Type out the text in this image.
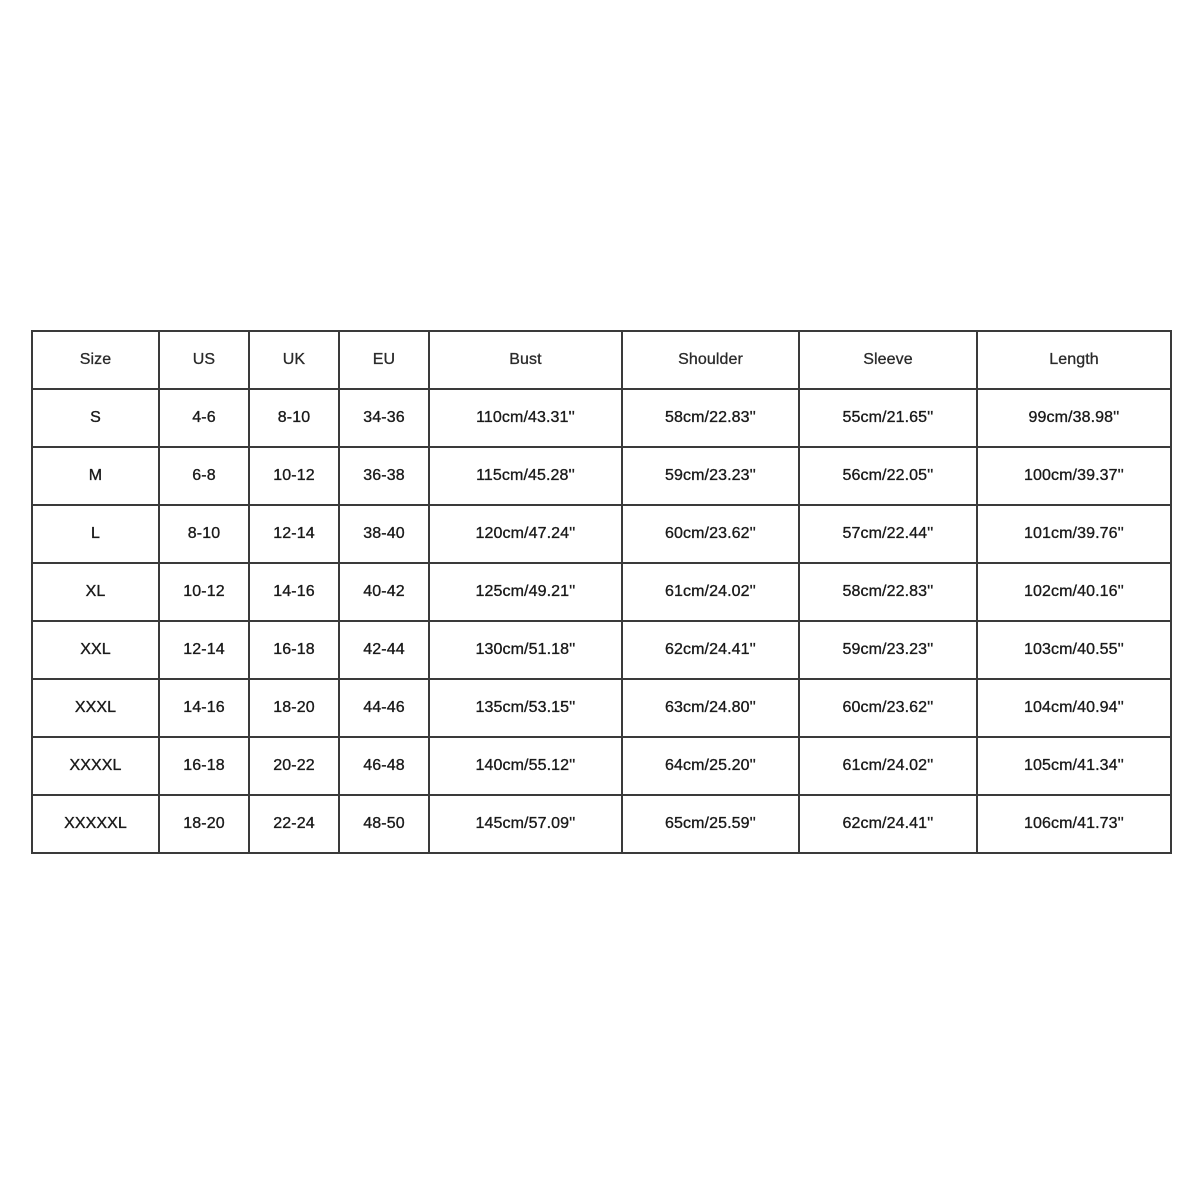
Size	US	UK	EU	Bust	Shoulder	Sleeve	Length
S	4-6	8-10	34-36	110cm/43.31''	58cm/22.83''	55cm/21.65''	99cm/38.98''
M	6-8	10-12	36-38	115cm/45.28''	59cm/23.23''	56cm/22.05''	100cm/39.37''
L	8-10	12-14	38-40	120cm/47.24''	60cm/23.62''	57cm/22.44''	101cm/39.76''
XL	10-12	14-16	40-42	125cm/49.21''	61cm/24.02''	58cm/22.83''	102cm/40.16''
XXL	12-14	16-18	42-44	130cm/51.18''	62cm/24.41''	59cm/23.23''	103cm/40.55''
XXXL	14-16	18-20	44-46	135cm/53.15''	63cm/24.80''	60cm/23.62''	104cm/40.94''
XXXXL	16-18	20-22	46-48	140cm/55.12''	64cm/25.20''	61cm/24.02''	105cm/41.34''
XXXXXL	18-20	22-24	48-50	145cm/57.09''	65cm/25.59''	62cm/24.41''	106cm/41.73''
